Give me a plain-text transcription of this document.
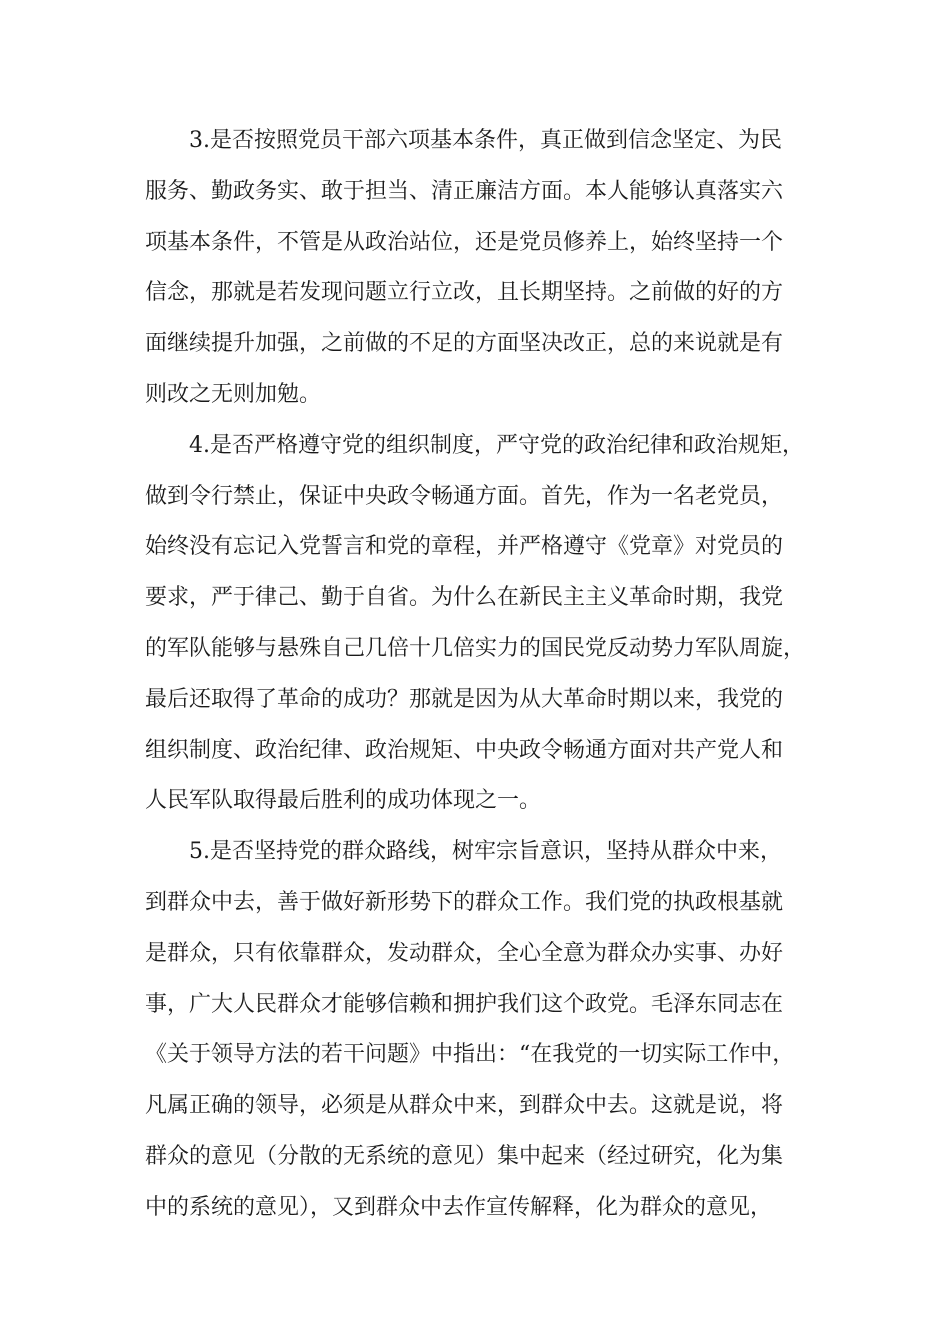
3.是否按照党员干部六项基本条件，真正做到信念坚定、为民
服务、勤政务实、敢于担当、清正廉洁方面。本人能够认真落实六
项基本条件，不管是从政治站位，还是党员修养上，始终坚持一个
信念，那就是若发现问题立行立改，且长期坚持。之前做的好的方
面继续提升加强，之前做的不足的方面坚决改正，总的来说就是有
则改之无则加勉。
4.是否严格遵守党的组织制度，严守党的政治纪律和政治规矩，
做到令行禁止，保证中央政令畅通方面。首先，作为一名老党员，
始终没有忘记入党誓言和党的章程，并严格遵守《党章》对党员的
要求，严于律己、勤于自省。为什么在新民主主义革命时期，我党
的军队能够与悬殊自己几倍十几倍实力的国民党反动势力军队周旋，
最后还取得了革命的成功？那就是因为从大革命时期以来，我党的
组织制度、政治纪律、政治规矩、中央政令畅通方面对共产党人和
人民军队取得最后胜利的成功体现之一。
5.是否坚持党的群众路线，树牢宗旨意识，坚持从群众中来，
到群众中去，善于做好新形势下的群众工作。我们党的执政根基就
是群众，只有依靠群众，发动群众，全心全意为群众办实事、办好
事，广大人民群众才能够信赖和拥护我们这个政党。毛泽东同志在
《关于领导方法的若干问题》中指出：“在我党的一切实际工作中，
凡属正确的领导，必须是从群众中来，到群众中去。这就是说，将
群众的意见（分散的无系统的意见）集中起来（经过研究，化为集
中的系统的意见），又到群众中去作宣传解释，化为群众的意见，
